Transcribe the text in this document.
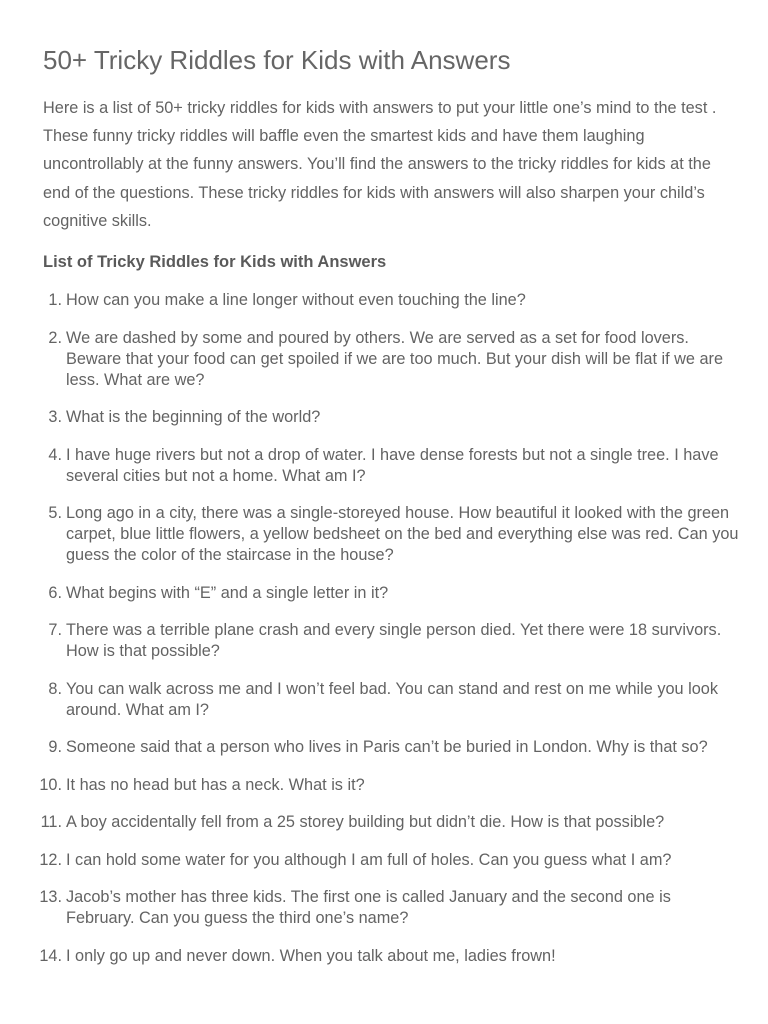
50+ Tricky Riddles for Kids with Answers

Here is a list of 50+ tricky riddles for kids with answers to put your little one’s mind to the test . These funny tricky riddles will baffle even the smartest kids and have them laughing uncontrollably at the funny answers. You’ll find the answers to the tricky riddles for kids at the end of the questions. These tricky riddles for kids with answers will also sharpen your child’s cognitive skills.

List of Tricky Riddles for Kids with Answers
1. How can you make a line longer without even touching the line?
2. We are dashed by some and poured by others. We are served as a set for food lovers. Beware that your food can get spoiled if we are too much. But your dish will be flat if we are less. What are we?
3. What is the beginning of the world?
4. I have huge rivers but not a drop of water. I have dense forests but not a single tree. I have several cities but not a home. What am I?
5. Long ago in a city, there was a single-storeyed house. How beautiful it looked with the green carpet, blue little flowers, a yellow bedsheet on the bed and everything else was red. Can you guess the color of the staircase in the house?
6. What begins with “E” and a single letter in it?
7. There was a terrible plane crash and every single person died. Yet there were 18 survivors. How is that possible?
8. You can walk across me and I won’t feel bad. You can stand and rest on me while you look around. What am I?
9. Someone said that a person who lives in Paris can’t be buried in London. Why is that so?
10. It has no head but has a neck. What is it?
11. A boy accidentally fell from a 25 storey building but didn’t die. How is that possible?
12. I can hold some water for you although I am full of holes. Can you guess what I am?
13. Jacob’s mother has three kids. The first one is called January and the second one is February. Can you guess the third one’s name?
14. I only go up and never down. When you talk about me, ladies frown!
